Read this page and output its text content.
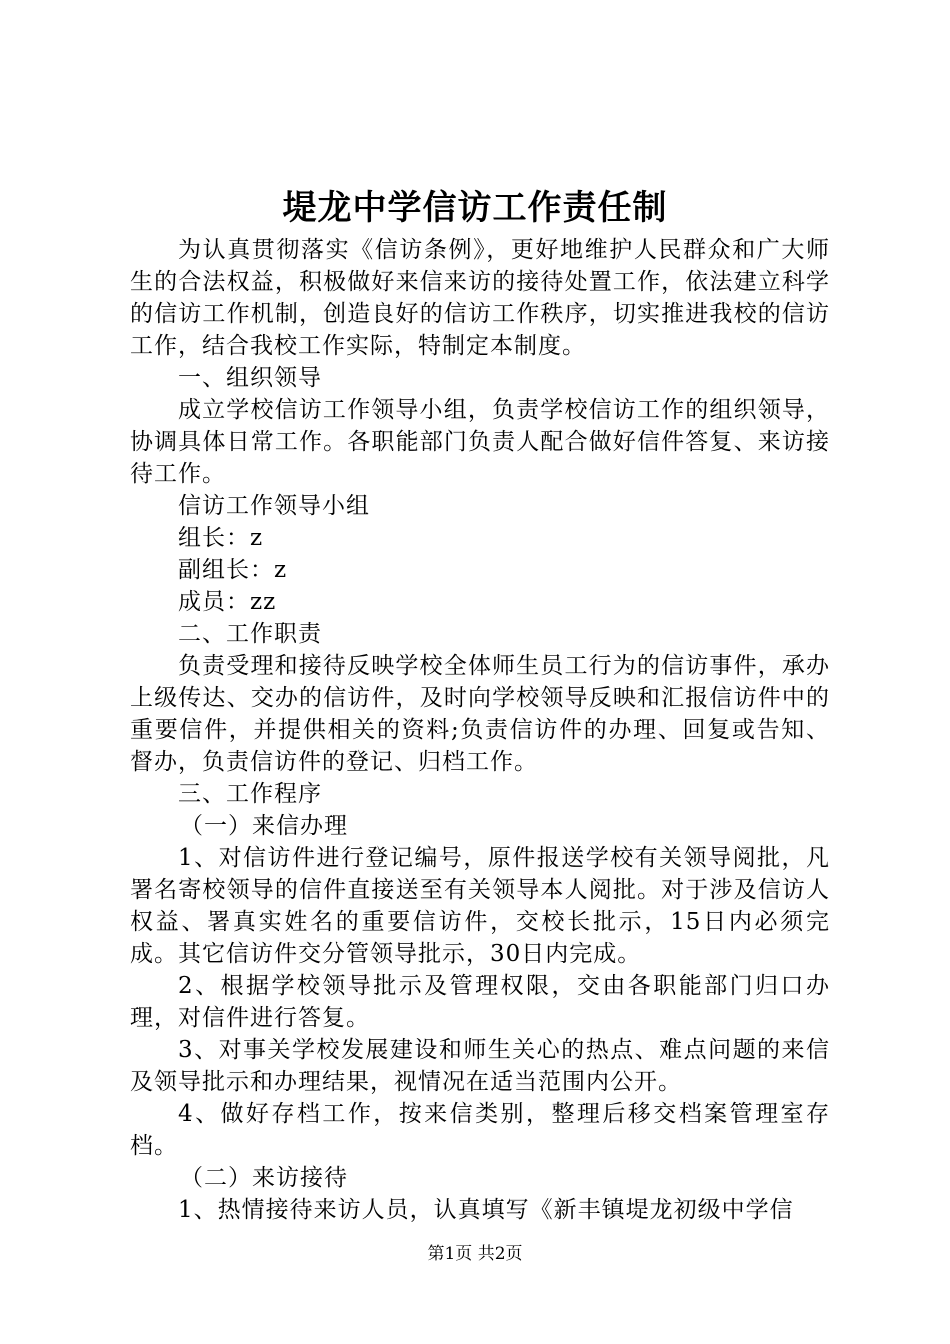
堤龙中学信访工作责任制

为认真贯彻落实《信访条例》，更好地维护人民群众和广大师生的合法权益，积极做好来信来访的接待处置工作，依法建立科学的信访工作机制，创造良好的信访工作秩序，切实推进我校的信访工作，结合我校工作实际，特制定本制度。

一、组织领导

成立学校信访工作领导小组，负责学校信访工作的组织领导，协调具体日常工作。各职能部门负责人配合做好信件答复、来访接待工作。

信访工作领导小组

组长：z

副组长：z

成员：zz

二、工作职责

负责受理和接待反映学校全体师生员工行为的信访事件，承办上级传达、交办的信访件，及时向学校领导反映和汇报信访件中的重要信件，并提供相关的资料;负责信访件的办理、回复或告知、督办，负责信访件的登记、归档工作。

三、工作程序

（一）来信办理

1、对信访件进行登记编号，原件报送学校有关领导阅批，凡署名寄校领导的信件直接送至有关领导本人阅批。对于涉及信访人权益、署真实姓名的重要信访件，交校长批示，15日内必须完成。其它信访件交分管领导批示，30日内完成。

2、根据学校领导批示及管理权限，交由各职能部门归口办理，对信件进行答复。

3、对事关学校发展建设和师生关心的热点、难点问题的来信及领导批示和办理结果，视情况在适当范围内公开。

4、做好存档工作，按来信类别，整理后移交档案管理室存档。

（二）来访接待

1、热情接待来访人员，认真填写《新丰镇堤龙初级中学信

第1页 共2页
